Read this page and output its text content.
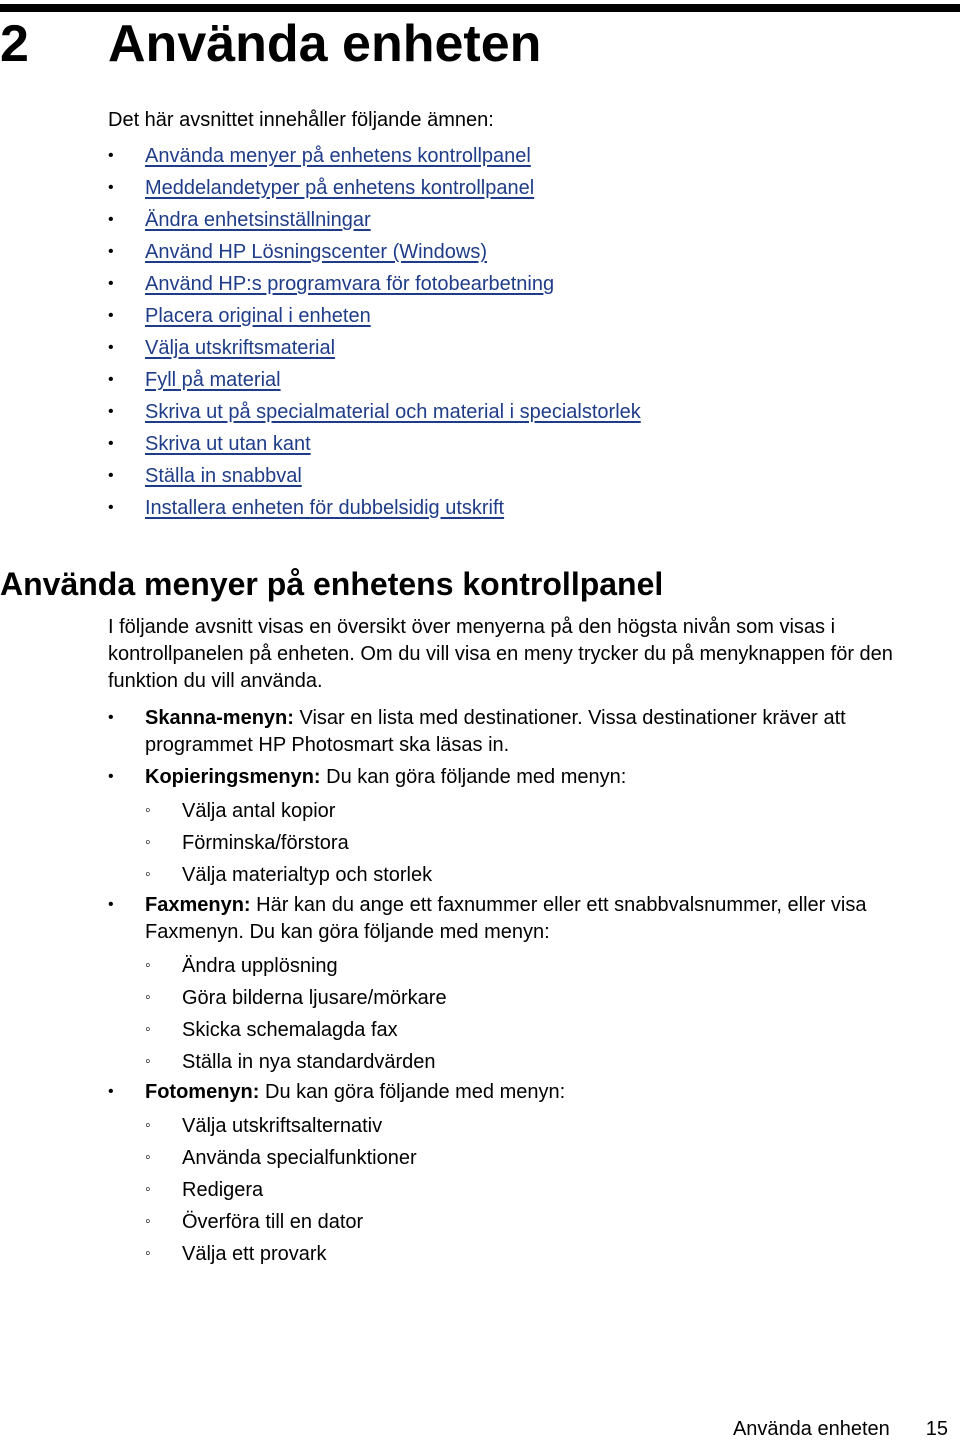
2 Använda enheten
Det här avsnittet innehåller följande ämnen:
• Använda menyer på enhetens kontrollpanel
• Meddelandetyper på enhetens kontrollpanel
• Ändra enhetsinställningar
• Använd HP Lösningscenter (Windows)
• Använd HP:s programvara för fotobearbetning
• Placera original i enheten
• Välja utskriftsmaterial
• Fyll på material
• Skriva ut på specialmaterial och material i specialstorlek
• Skriva ut utan kant
• Ställa in snabbval
• Installera enheten för dubbelsidig utskrift
Använda menyer på enhetens kontrollpanel

I följande avsnitt visas en översikt över menyerna på den högsta nivån som visas i kontrollpanelen på enheten. Om du vill visa en meny trycker du på menyknappen för den funktion du vill använda.

• Skanna-menyn: Visar en lista med destinationer. Vissa destinationer kräver att programmet HP Photosmart ska läsas in.
• Kopieringsmenyn: Du kan göra följande med menyn:
◦ Välja antal kopior
◦ Förminska/förstora
◦ Välja materialtyp och storlek
• Faxmenyn: Här kan du ange ett faxnummer eller ett snabbvalsnummer, eller visa Faxmenyn. Du kan göra följande med menyn:
◦ Ändra upplösning
◦ Göra bilderna ljusare/mörkare
◦ Skicka schemalagda fax
◦ Ställa in nya standardvärden
• Fotomenyn: Du kan göra följande med menyn:
◦ Välja utskriftsalternativ
◦ Använda specialfunktioner
◦ Redigera
◦ Överföra till en dator
◦ Välja ett provark
Använda enheten 15
